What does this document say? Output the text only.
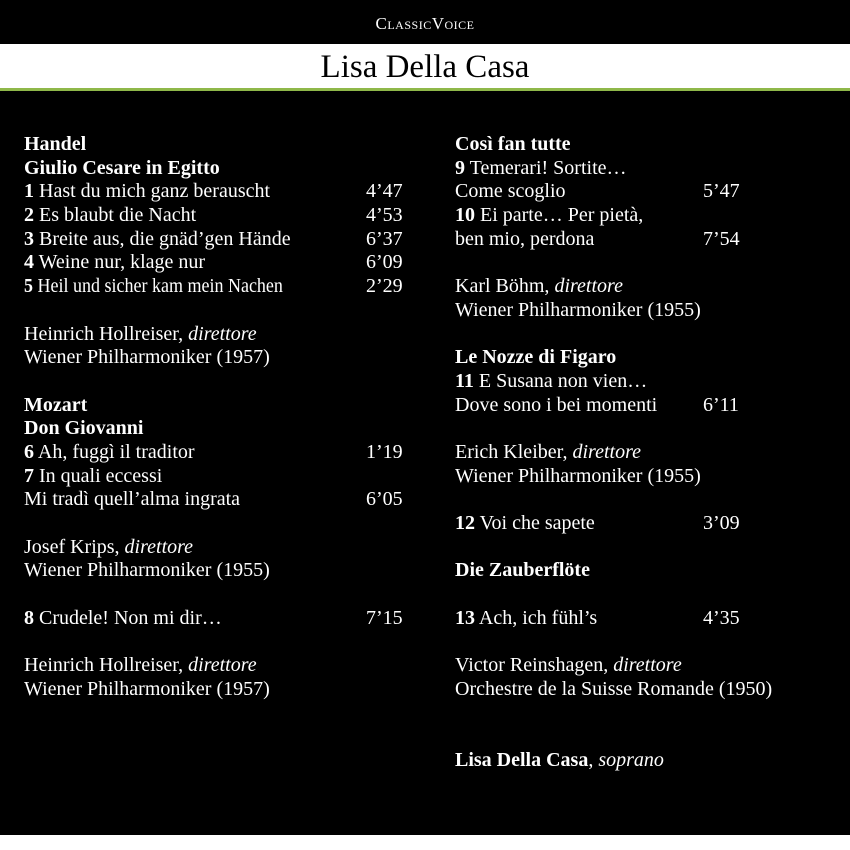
ClassicVoice
Lisa Della Casa
Handel
Giulio Cesare in Egitto
1 Hast du mich ganz berauscht	4’47
2 Es blaubt die Nacht	4’53
3 Breite aus, die gnäd’gen Hände	6’37
4 Weine nur, klage nur	6’09
5 Heil und sicher kam mein Nachen	2’29
Heinrich Hollreiser, direttore
Wiener Philharmoniker (1957)
Mozart
Don Giovanni
6 Ah, fuggì il traditor	1’19
7 In quali eccessi
Mi tradì quell’alma ingrata	6’05
Josef Krips, direttore
Wiener Philharmoniker (1955)
8 Crudele! Non mi dir…	7’15
Heinrich Hollreiser, direttore
Wiener Philharmoniker (1957)
Così fan tutte
9 Temerari! Sortite…
Come scoglio	5’47
10 Ei parte… Per pietà,
ben mio, perdona	7’54
Karl Böhm, direttore
Wiener Philharmoniker (1955)
Le Nozze di Figaro
11 E Susana non vien…
Dove sono i bei momenti 6’11
Erich Kleiber, direttore
Wiener Philharmoniker (1955)
12 Voi che sapete	3’09
Die Zauberflöte
13 Ach, ich fühl’s	4’35
Victor Reinshagen, direttore
Orchestre de la Suisse Romande (1950)
Lisa Della Casa, soprano
